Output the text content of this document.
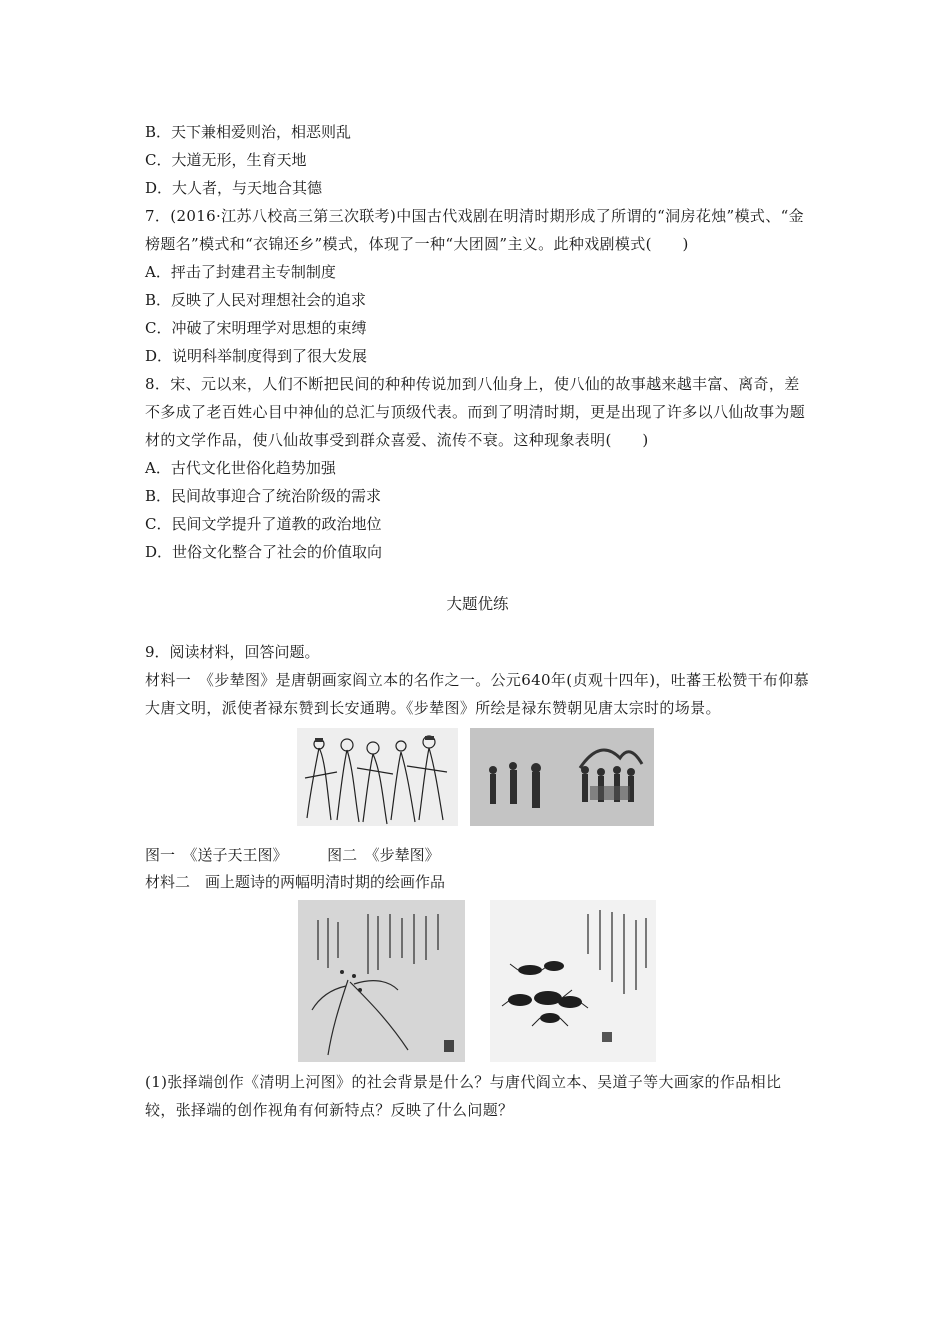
B．天下兼相爱则治，相恶则乱
C．大道无形，生育天地
D．大人者，与天地合其德
7．(2016·江苏八校高三第三次联考)中国古代戏剧在明清时期形成了所谓的“洞房花烛”模式、“金榜题名”模式和“衣锦还乡”模式，体现了一种“大团圆”主义。此种戏剧模式(　　)
A．抨击了封建君主专制制度
B．反映了人民对理想社会的追求
C．冲破了宋明理学对思想的束缚
D．说明科举制度得到了很大发展
8．宋、元以来，人们不断把民间的种种传说加到八仙身上，使八仙的故事越来越丰富、离奇，差不多成了老百姓心目中神仙的总汇与顶级代表。而到了明清时期，更是出现了许多以八仙故事为题材的文学作品，使八仙故事受到群众喜爱、流传不衰。这种现象表明(　　)
A．古代文化世俗化趋势加强
B．民间故事迎合了统治阶级的需求
C．民间文学提升了道教的政治地位
D．世俗文化整合了社会的价值取向
大题优练
9．阅读材料，回答问题。
材料一　《步辇图》是唐朝画家阎立本的名作之一。公元640年(贞观十四年)，吐蕃王松赞干布仰慕大唐文明，派使者禄东赞到长安通聘。《步辇图》所绘是禄东赞朝见唐太宗时的场景。
图一　《送子天王图》	图二　《步辇图》
材料二　画上题诗的两幅明清时期的绘画作品
(1)张择端创作《清明上河图》的社会背景是什么？与唐代阎立本、吴道子等大画家的作品相比较，张择端的创作视角有何新特点？反映了什么问题？
